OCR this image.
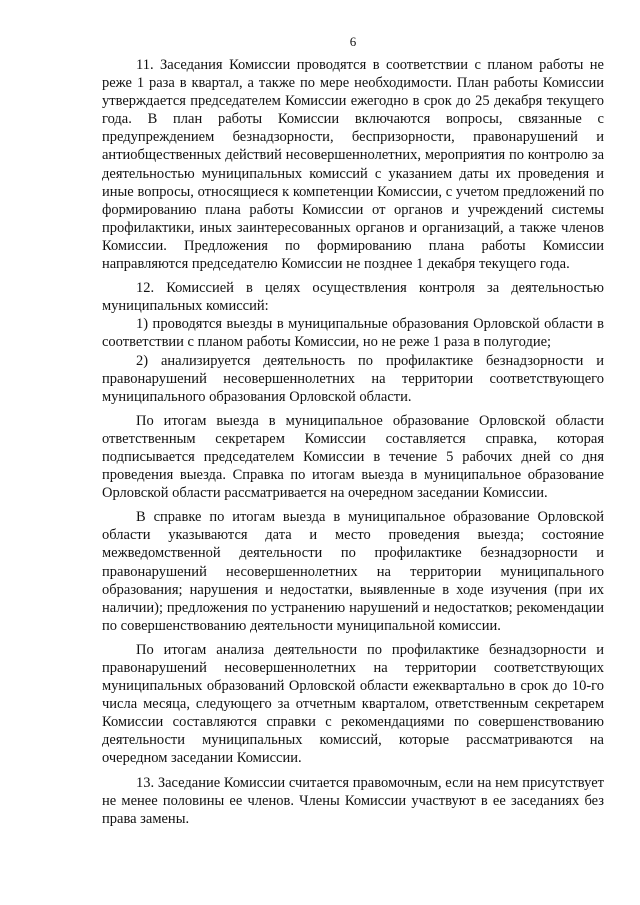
6

11. Заседания Комиссии проводятся в соответствии с планом работы не реже 1 раза в квартал, а также по мере необходимости. План работы Комиссии утверждается председателем Комиссии ежегодно в срок до 25 декабря текущего года. В план работы Комиссии включаются вопросы, связанные с предупреждением безнадзорности, беспризорности, правонарушений и антиобщественных действий несовершеннолетних, мероприятия по контролю за деятельностью муниципальных комиссий с указанием даты их проведения и иные вопросы, относящиеся к компетенции Комиссии, с учетом предложений по формированию плана работы Комиссии от органов и учреждений системы профилактики, иных заинтересованных органов и организаций, а также членов Комиссии. Предложения по формированию плана работы Комиссии направляются председателю Комиссии не позднее 1 декабря текущего года.

12. Комиссией в целях осуществления контроля за деятельностью муниципальных комиссий:

1) проводятся выезды в муниципальные образования Орловской области в соответствии с планом работы Комиссии, но не реже 1 раза в полугодие;

2) анализируется деятельность по профилактике безнадзорности и правонарушений несовершеннолетних на территории соответствующего муниципального образования Орловской области.

По итогам выезда в муниципальное образование Орловской области ответственным секретарем Комиссии составляется справка, которая подписывается председателем Комиссии в течение 5 рабочих дней со дня проведения выезда. Справка по итогам выезда в муниципальное образование Орловской области рассматривается на очередном заседании Комиссии.

В справке по итогам выезда в муниципальное образование Орловской области указываются дата и место проведения выезда; состояние межведомственной деятельности по профилактике безнадзорности и правонарушений несовершеннолетних на территории муниципального образования; нарушения и недостатки, выявленные в ходе изучения (при их наличии); предложения по устранению нарушений и недостатков; рекомендации по совершенствованию деятельности муниципальной комиссии.

По итогам анализа деятельности по профилактике безнадзорности и правонарушений несовершеннолетних на территории соответствующих муниципальных образований Орловской области ежеквартально в срок до 10-го числа месяца, следующего за отчетным кварталом, ответственным секретарем Комиссии составляются справки с рекомендациями по совершенствованию деятельности муниципальных комиссий, которые рассматриваются на очередном заседании Комиссии.

13. Заседание Комиссии считается правомочным, если на нем присутствует не менее половины ее членов. Члены Комиссии участвуют в ее заседаниях без права замены.
